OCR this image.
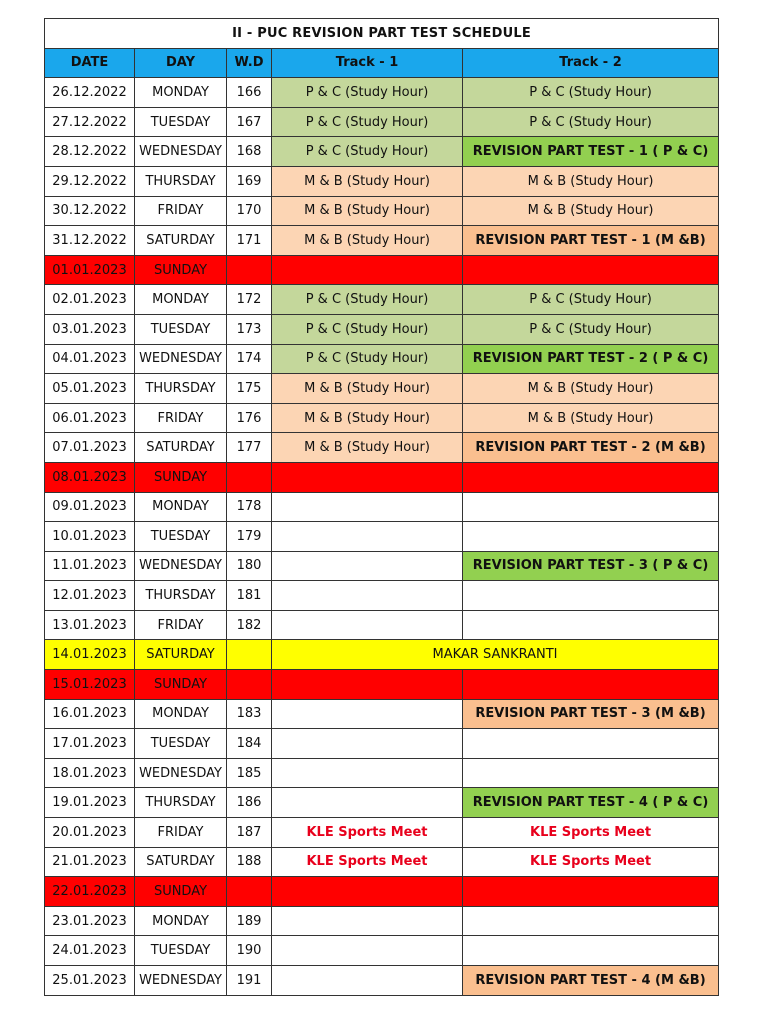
II - PUC REVISION PART TEST SCHEDULE				
DATE	DAY	W.D	Track - 1	Track - 2
26.12.2022	MONDAY	166	P & C (Study Hour)	P & C (Study Hour)
27.12.2022	TUESDAY	167	P & C (Study Hour)	P & C (Study Hour)
28.12.2022	WEDNESDAY	168	P & C (Study Hour)	REVISION PART TEST - 1 ( P & C)
29.12.2022	THURSDAY	169	M & B (Study Hour)	M & B (Study Hour)
30.12.2022	FRIDAY	170	M & B (Study Hour)	M & B (Study Hour)
31.12.2022	SATURDAY	171	M & B (Study Hour)	REVISION PART TEST - 1 (M &B)
01.01.2023	SUNDAY			
02.01.2023	MONDAY	172	P & C (Study Hour)	P & C (Study Hour)
03.01.2023	TUESDAY	173	P & C (Study Hour)	P & C (Study Hour)
04.01.2023	WEDNESDAY	174	P & C (Study Hour)	REVISION PART TEST - 2 ( P & C)
05.01.2023	THURSDAY	175	M & B (Study Hour)	M & B (Study Hour)
06.01.2023	FRIDAY	176	M & B (Study Hour)	M & B (Study Hour)
07.01.2023	SATURDAY	177	M & B (Study Hour)	REVISION PART TEST - 2 (M &B)
08.01.2023	SUNDAY			
09.01.2023	MONDAY	178		
10.01.2023	TUESDAY	179		
11.01.2023	WEDNESDAY	180		REVISION PART TEST - 3 ( P & C)
12.01.2023	THURSDAY	181		
13.01.2023	FRIDAY	182		
14.01.2023	SATURDAY		MAKAR SANKRANTI	
15.01.2023	SUNDAY			
16.01.2023	MONDAY	183		REVISION PART TEST - 3 (M &B)
17.01.2023	TUESDAY	184		
18.01.2023	WEDNESDAY	185		
19.01.2023	THURSDAY	186		REVISION PART TEST - 4 ( P & C)
20.01.2023	FRIDAY	187	KLE Sports Meet	KLE Sports Meet
21.01.2023	SATURDAY	188	KLE Sports Meet	KLE Sports Meet
22.01.2023	SUNDAY			
23.01.2023	MONDAY	189		
24.01.2023	TUESDAY	190		
25.01.2023	WEDNESDAY	191		REVISION PART TEST - 4 (M &B)
